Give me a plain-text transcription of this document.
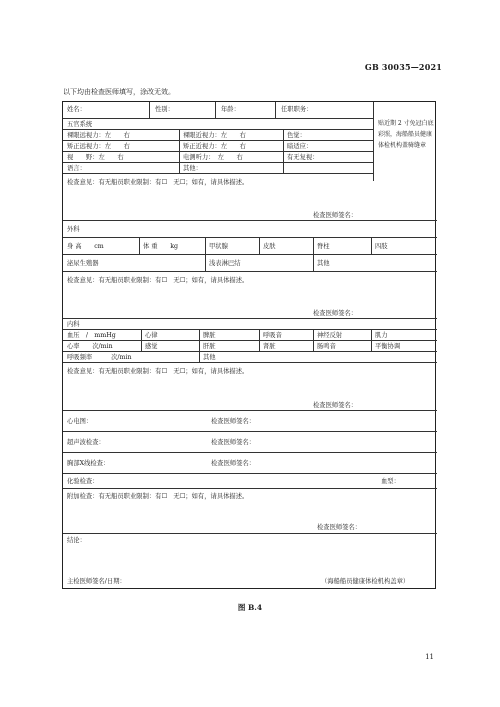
GB 30035—2021
以下均由检查医师填写，涂改无效。
姓名：	性别：	年龄：	任职职务：
贴近期 2 寸免冠白底彩照，海船船员健康体检机构盖骑缝章
五官系统
裸眼远视力：左　　右	裸眼近视力：左　　右	色觉：
矫正远视力：左　　右	矫正近视力：左　　右	暗适应：
视　　野：左　　右	电测听力：　左　　右	有无复视：
语言：	其他：
检查意见：有无船员职业限制：有☐　无☐；如有，请具体描述。
检查医师签名：
外科
身 高　　cm	体 重　　kg	甲状腺	皮肤	脊柱	四肢
泌尿生殖器	浅表淋巴结	其他
检查意见：有无船员职业限制：有☐　无☐；如有，请具体描述。
检查医师签名：
内科
血压　/　mmHg	心律	脾脏	呼吸音	神经反射	肌力
心率　　次/min	感觉	肝脏	肾脏	肠鸣音	平衡协调
呼吸频率　　　次/min	其他
检查意见：有无船员职业限制：有☐　无☐；如有，请具体描述。
检查医师签名：
心电图：	检查医师签名：
超声波检查：	检查医师签名：
胸部X线检查：	检查医师签名：
化验检查：	血型：
附加检查：有无船员职业限制：有☐　无☐；如有，请具体描述。
检查医师签名：
结论：
主检医师签名/日期：	（海船船员健康体检机构盖章）
图 B.4
11
